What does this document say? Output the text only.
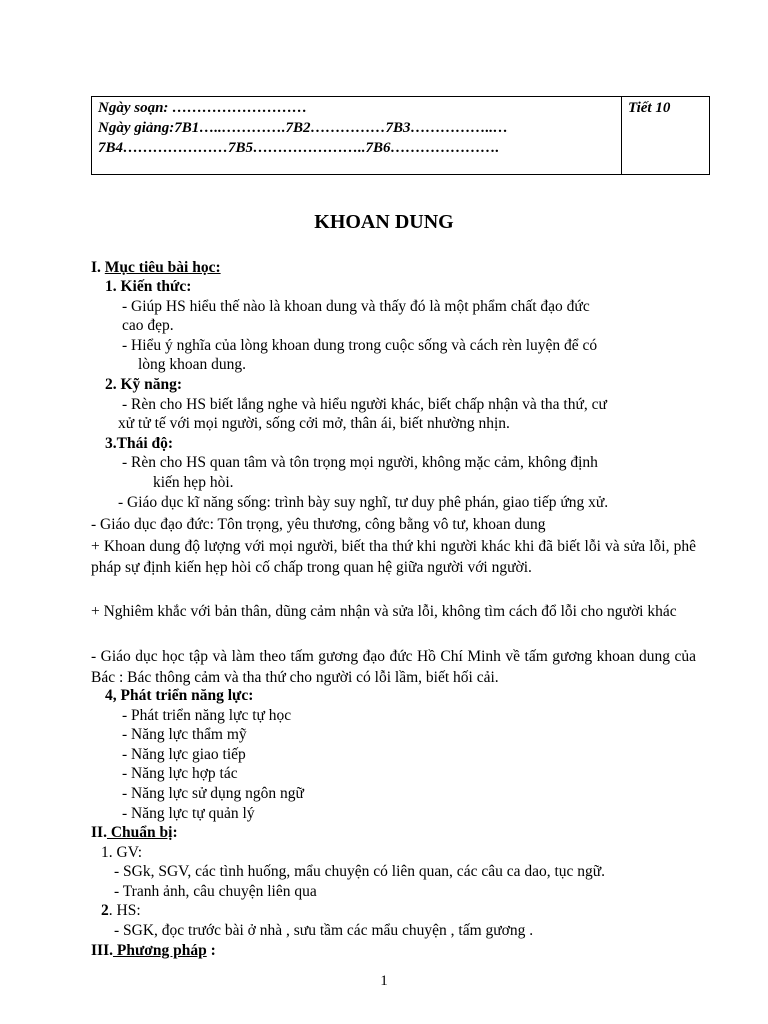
Ngày soạn: ………………………

Ngày giảng:7B1…..………….7B2……………7B3……………..…

7B4…………………7B5…………………..7B6………………….

Tiết 10

KHOAN DUNG
I. Mục tiêu bài học:
1. Kiến thức:
- Giúp HS hiểu thế nào là khoan dung và thấy đó là một phẩm chất đạo đức
cao đẹp.
- Hiểu ý nghĩa của lòng khoan dung trong cuộc sống và cách rèn luyện để có
lòng khoan dung.
2. Kỹ năng:
- Rèn cho HS biết lắng nghe và hiểu người khác, biết chấp nhận và tha thứ, cư
xử tử tế với mọi người, sống cởi mở, thân ái, biết nhường nhịn.
3.Thái độ:
- Rèn cho HS quan tâm và tôn trọng mọi người, không mặc cảm, không định
kiến hẹp hòi.
- Giáo dục kĩ năng sống: trình bày suy nghĩ, tư duy phê phán, giao tiếp ứng xử.
- Giáo dục đạo đức: Tôn trọng, yêu thương, công bằng vô tư, khoan dung
+ Khoan dung độ lượng với mọi người, biết tha thứ khi người khác khi đã biết lỗi và sửa lỗi, phê pháp sự định kiến hẹp hòi cố chấp trong quan hệ giữa người với người.
+ Nghiêm khắc với bản thân, dũng cảm nhận và sửa lỗi, không tìm cách đổ lỗi cho người khác
- Giáo dục học tập và làm theo tấm gương đạo đức Hồ Chí Minh về tấm gương khoan dung của Bác : Bác thông cảm và tha thứ cho người có lỗi lầm, biết hối cải.
4, Phát triển năng lực:
- Phát triển năng lực tự học
- Năng lực thẩm mỹ
- Năng lực giao tiếp
- Năng lực hợp tác
- Năng lực sử dụng ngôn ngữ
- Năng lực tự quản lý
II. Chuẩn bị:
1. GV:
- SGk, SGV, các tình huống, mẩu chuyện có liên quan, các câu ca dao, tục ngữ.
- Tranh ảnh, câu chuyện liên qua
2. HS:
- SGK, đọc trước bài ở nhà , sưu tầm các mẩu chuyện , tấm gương .
III. Phương pháp :
1
